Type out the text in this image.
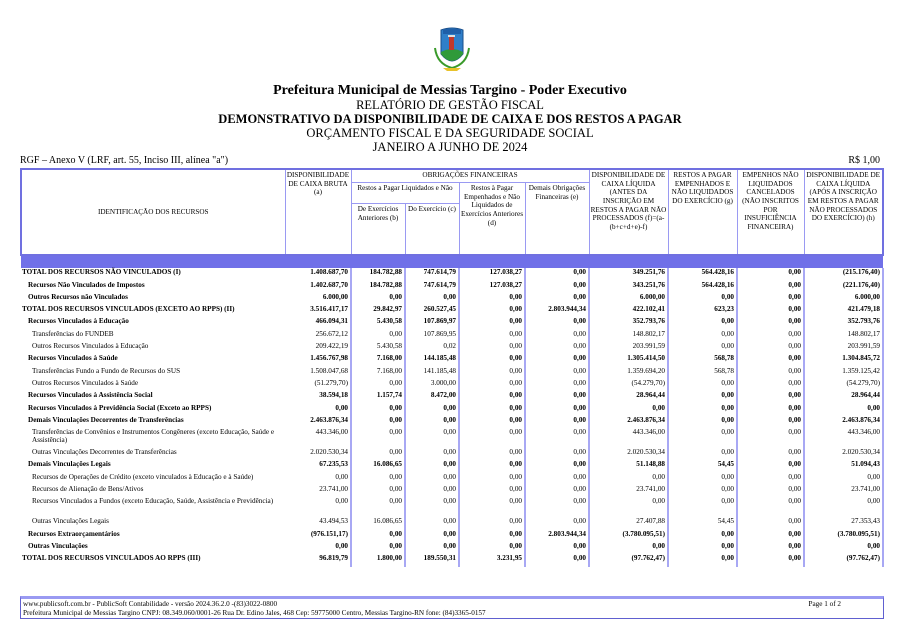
Prefeitura Municipal de Messias Targino - Poder Executivo
RELATÓRIO DE GESTÃO FISCAL
DEMONSTRATIVO DA DISPONIBILIDADE DE CAIXA E DOS RESTOS A PAGAR
ORÇAMENTO FISCAL E DA SEGURIDADE SOCIAL
JANEIRO A JUNHO DE 2024
RGF – Anexo V (LRF, art. 55, Inciso III, alínea "a")	R$ 1,00
IDENTIFICAÇÃO DOS RECURSOS	DISPONIBILIDADE DE CAIXA BRUTA (a)	OBRIGAÇÕES FINANCEIRAS				DISPONIBILIDADE DE CAIXA LÍQUIDA (ANTES DA INSCRIÇÃO EM RESTOS A PAGAR NÃO PROCESSADOS (f)=(a-(b+c+d+e)-f)	RESTOS A PAGAR EMPENHADOS E NÃO LIQUIDADOS DO EXERCÍCIO (g)	EMPENHOS NÃO LIQUIDADOS CANCELADOS (NÃO INSCRITOS POR INSUFICIÊNCIA FINANCEIRA)	DISPONIBILIDADE DE CAIXA LÍQUIDA (APÓS A INSCRIÇÃO EM RESTOS A PAGAR NÃO PROCESSADOS DO EXERCÍCIO) (h)
		Restos a Pagar Liquidados e Não		Restos à Pagar Empenhados e Não Liquidados de Exercícios Anteriores (d)	Demais Obrigações Financeiras (e)				
		De Exercícios Anteriores (b)	Do Exercício (c)						

TOTAL DOS RECURSOS NÃO VINCULADOS (I)	1.408.687,70	184.782,88	747.614,79	127.038,27	0,00	349.251,76	564.428,16	0,00	(215.176,40)
Recursos Não Vinculados de Impostos	1.402.687,70	184.782,88	747.614,79	127.038,27	0,00	343.251,76	564.428,16	0,00	(221.176,40)
Outros Recursos não Vinculados	6.000,00	0,00	0,00	0,00	0,00	6.000,00	0,00	0,00	6.000,00
TOTAL DOS RECURSOS VINCULADOS (EXCETO AO RPPS) (II)	3.516.417,17	29.842,97	260.527,45	0,00	2.803.944,34	422.102,41	623,23	0,00	421.479,18
Recursos Vinculados à Educação	466.094,31	5.430,58	107.869,97	0,00	0,00	352.793,76	0,00	0,00	352.793,76
Transferências do FUNDEB	256.672,12	0,00	107.869,95	0,00	0,00	148.802,17	0,00	0,00	148.802,17
Outros Recursos Vinculados à Educação	209.422,19	5.430,58	0,02	0,00	0,00	203.991,59	0,00	0,00	203.991,59
Recursos Vinculados à Saúde	1.456.767,98	7.168,00	144.185,48	0,00	0,00	1.305.414,50	568,78	0,00	1.304.845,72
Transferências Fundo a Fundo de Recursos do SUS	1.508.047,68	7.168,00	141.185,48	0,00	0,00	1.359.694,20	568,78	0,00	1.359.125,42
Outros Recursos Vinculados à Saúde	(51.279,70)	0,00	3.000,00	0,00	0,00	(54.279,70)	0,00	0,00	(54.279,70)
Recursos Vinculados à Assistência Social	38.594,18	1.157,74	8.472,00	0,00	0,00	28.964,44	0,00	0,00	28.964,44
Recursos Vinculados à Previdência Social (Exceto ao RPPS)	0,00	0,00	0,00	0,00	0,00	0,00	0,00	0,00	0,00
Demais Vinculações Decorrentes de Transferências	2.463.876,34	0,00	0,00	0,00	0,00	2.463.876,34	0,00	0,00	2.463.876,34
Transferências de Convênios e Instrumentos Congêneres (exceto Educação, Saúde e Assistência)	443.346,00	0,00	0,00	0,00	0,00	443.346,00	0,00	0,00	443.346,00
Outras Vinculações Decorrentes de Transferências	2.020.530,34	0,00	0,00	0,00	0,00	2.020.530,34	0,00	0,00	2.020.530,34
Demais Vinculações Legais	67.235,53	16.086,65	0,00	0,00	0,00	51.148,88	54,45	0,00	51.094,43
Recursos de Operações de Crédito (exceto vinculados à Educação e à Saúde)	0,00	0,00	0,00	0,00	0,00	0,00	0,00	0,00	0,00
Recursos de Alienação de Bens/Ativos	23.741,00	0,00	0,00	0,00	0,00	23.741,00	0,00	0,00	23.741,00
Recursos Vinculados a Fundos (exceto Educação, Saúde, Assistência e Previdência)	0,00	0,00	0,00	0,00	0,00	0,00	0,00	0,00	0,00
Outras Vinculações Legais	43.494,53	16.086,65	0,00	0,00	0,00	27.407,88	54,45	0,00	27.353,43
Recursos Extraorçamentários	(976.151,17)	0,00	0,00	0,00	2.803.944,34	(3.780.095,51)	0,00	0,00	(3.780.095,51)
Outras Vinculações	0,00	0,00	0,00	0,00	0,00	0,00	0,00	0,00	0,00
TOTAL DOS RECURSOS VINCULADOS AO RPPS (III)	96.819,79	1.800,00	189.550,31	3.231,95	0,00	(97.762,47)	0,00	0,00	(97.762,47)
www.publicsoft.com.br - PublicSoft Contabilidade - versão 2024.36.2.0 -(83)3022-0800
Prefeitura Municipal de Messias Targino CNPJ: 08.349.060/0001-26 Rua Dr. Edino Jales, 468 Cep: 59775000 Centro, Messias Targino-RN fone: (84)3365-0157
Page 1 of 2
